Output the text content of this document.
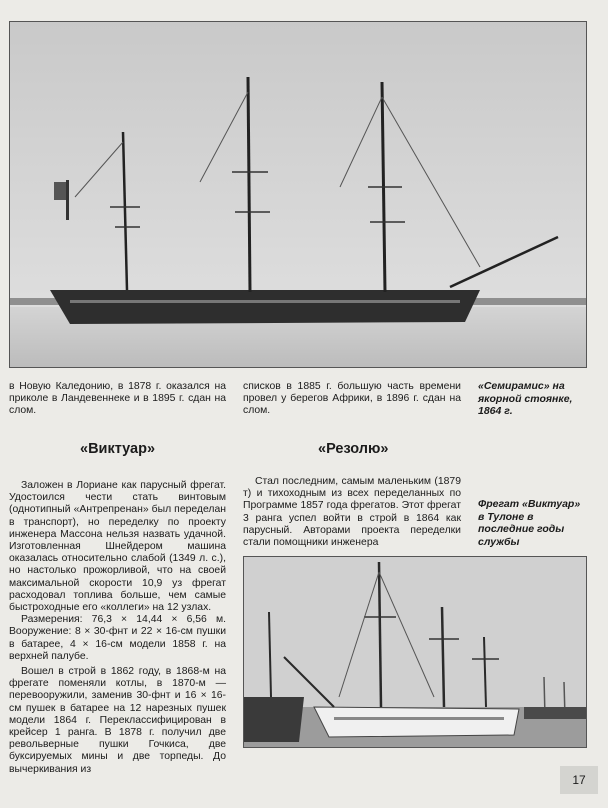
в Новую Каледонию, в 1878 г. оказался на приколе в Ландевеннеке и в 1895 г. сдан на слом.

«Виктуар»

Заложен в Лориане как парусный фрегат. Удостоился чести стать винтовым (однотипный «Антрепренан» был переделан в транспорт), но переделку по проекту инженера Массона нельзя назвать удачной. Изготовленная Шнейдером машина оказалась относительно слабой (1349 л. с.), но настолько прожорливой, что на своей максимальной скорости 10,9 уз фрегат расходовал топлива больше, чем самые быстроходные его «коллеги» на 12 узлах.

Размерения: 76,3 × 14,44 × 6,56 м. Вооружение: 8 × 30-фнт и 22 × 16-см пушки в батарее, 4 × 16-см модели 1858 г. на верхней палубе.

Вошел в строй в 1862 году, в 1868-м на фрегате поменяли котлы, в 1870-м — перевооружили, заменив 30-фнт и 16 × 16-см пушек в батарее на 12 нарезных пушек модели 1864 г. Переклассифицирован в крейсер 1 ранга. В 1878 г. получил две револьверные пушки Гочкиса, две буксируемых мины и две торпеды. До вычеркивания из

списков в 1885 г. большую часть времени провел у берегов Африки, в 1896 г. сдан на слом.

«Резолю»

Стал последним, самым маленьким (1879 т) и тихоходным из всех переделанных по Программе 1857 года фрегатов. Этот фрегат 3 ранга успел войти в строй в 1864 как парусный. Авторами проекта переделки стали помощники инженера

«Семирамис» на якорной стоянке, 1864 г.
Фрегат «Виктуар» в Тулоне в последние годы службы
17
